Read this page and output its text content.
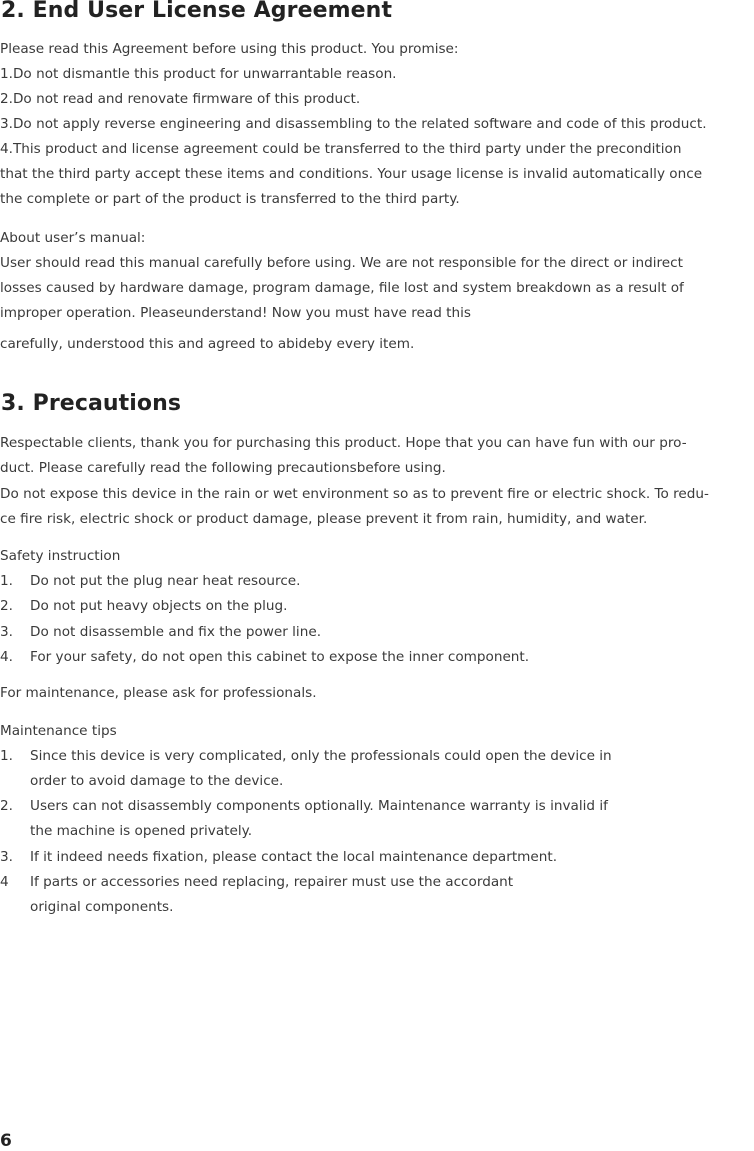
2. End User License Agreement

Please read this Agreement before using this product. You promise:

1.Do not dismantle this product for unwarrantable reason.

2.Do not read and renovate firmware of this product.

3.Do not apply reverse engineering and disassembling to the related software and code of this product.

4.This product and license agreement could be transferred to the third party under the precondition

that the third party accept these items and conditions. Your usage license is invalid automatically once

the complete or part of the product is transferred to the third party.

About user’s manual:

User should read this manual carefully before using. We are not responsible for the direct or indirect

losses caused by hardware damage, program damage, file lost and system breakdown as a result of

improper operation. Pleaseunderstand! Now you must have read this

carefully, understood this and agreed to abideby every item.

3. Precautions

Respectable clients, thank you for purchasing this product. Hope that you can have fun with our pro-

duct. Please carefully read the following precautionsbefore using.

Do not expose this device in the rain or wet environment so as to prevent fire or electric shock. To redu-

ce fire risk, electric shock or product damage, please prevent it from rain, humidity, and water.

Safety instruction

1. Do not put the plug near heat resource.
2. Do not put heavy objects on the plug.
3. Do not disassemble and fix the power line.
4. For your safety, do not open this cabinet to expose the inner component.

For maintenance, please ask for professionals.

Maintenance tips

1. Since this device is very complicated, only the professionals could open the device in
order to avoid damage to the device.
2. Users can not disassembly components optionally. Maintenance warranty is invalid if
the machine is opened privately.
3. If it indeed needs fixation, please contact the local maintenance department.
4 If parts or accessories need replacing, repairer must use the accordant
original components.
6
